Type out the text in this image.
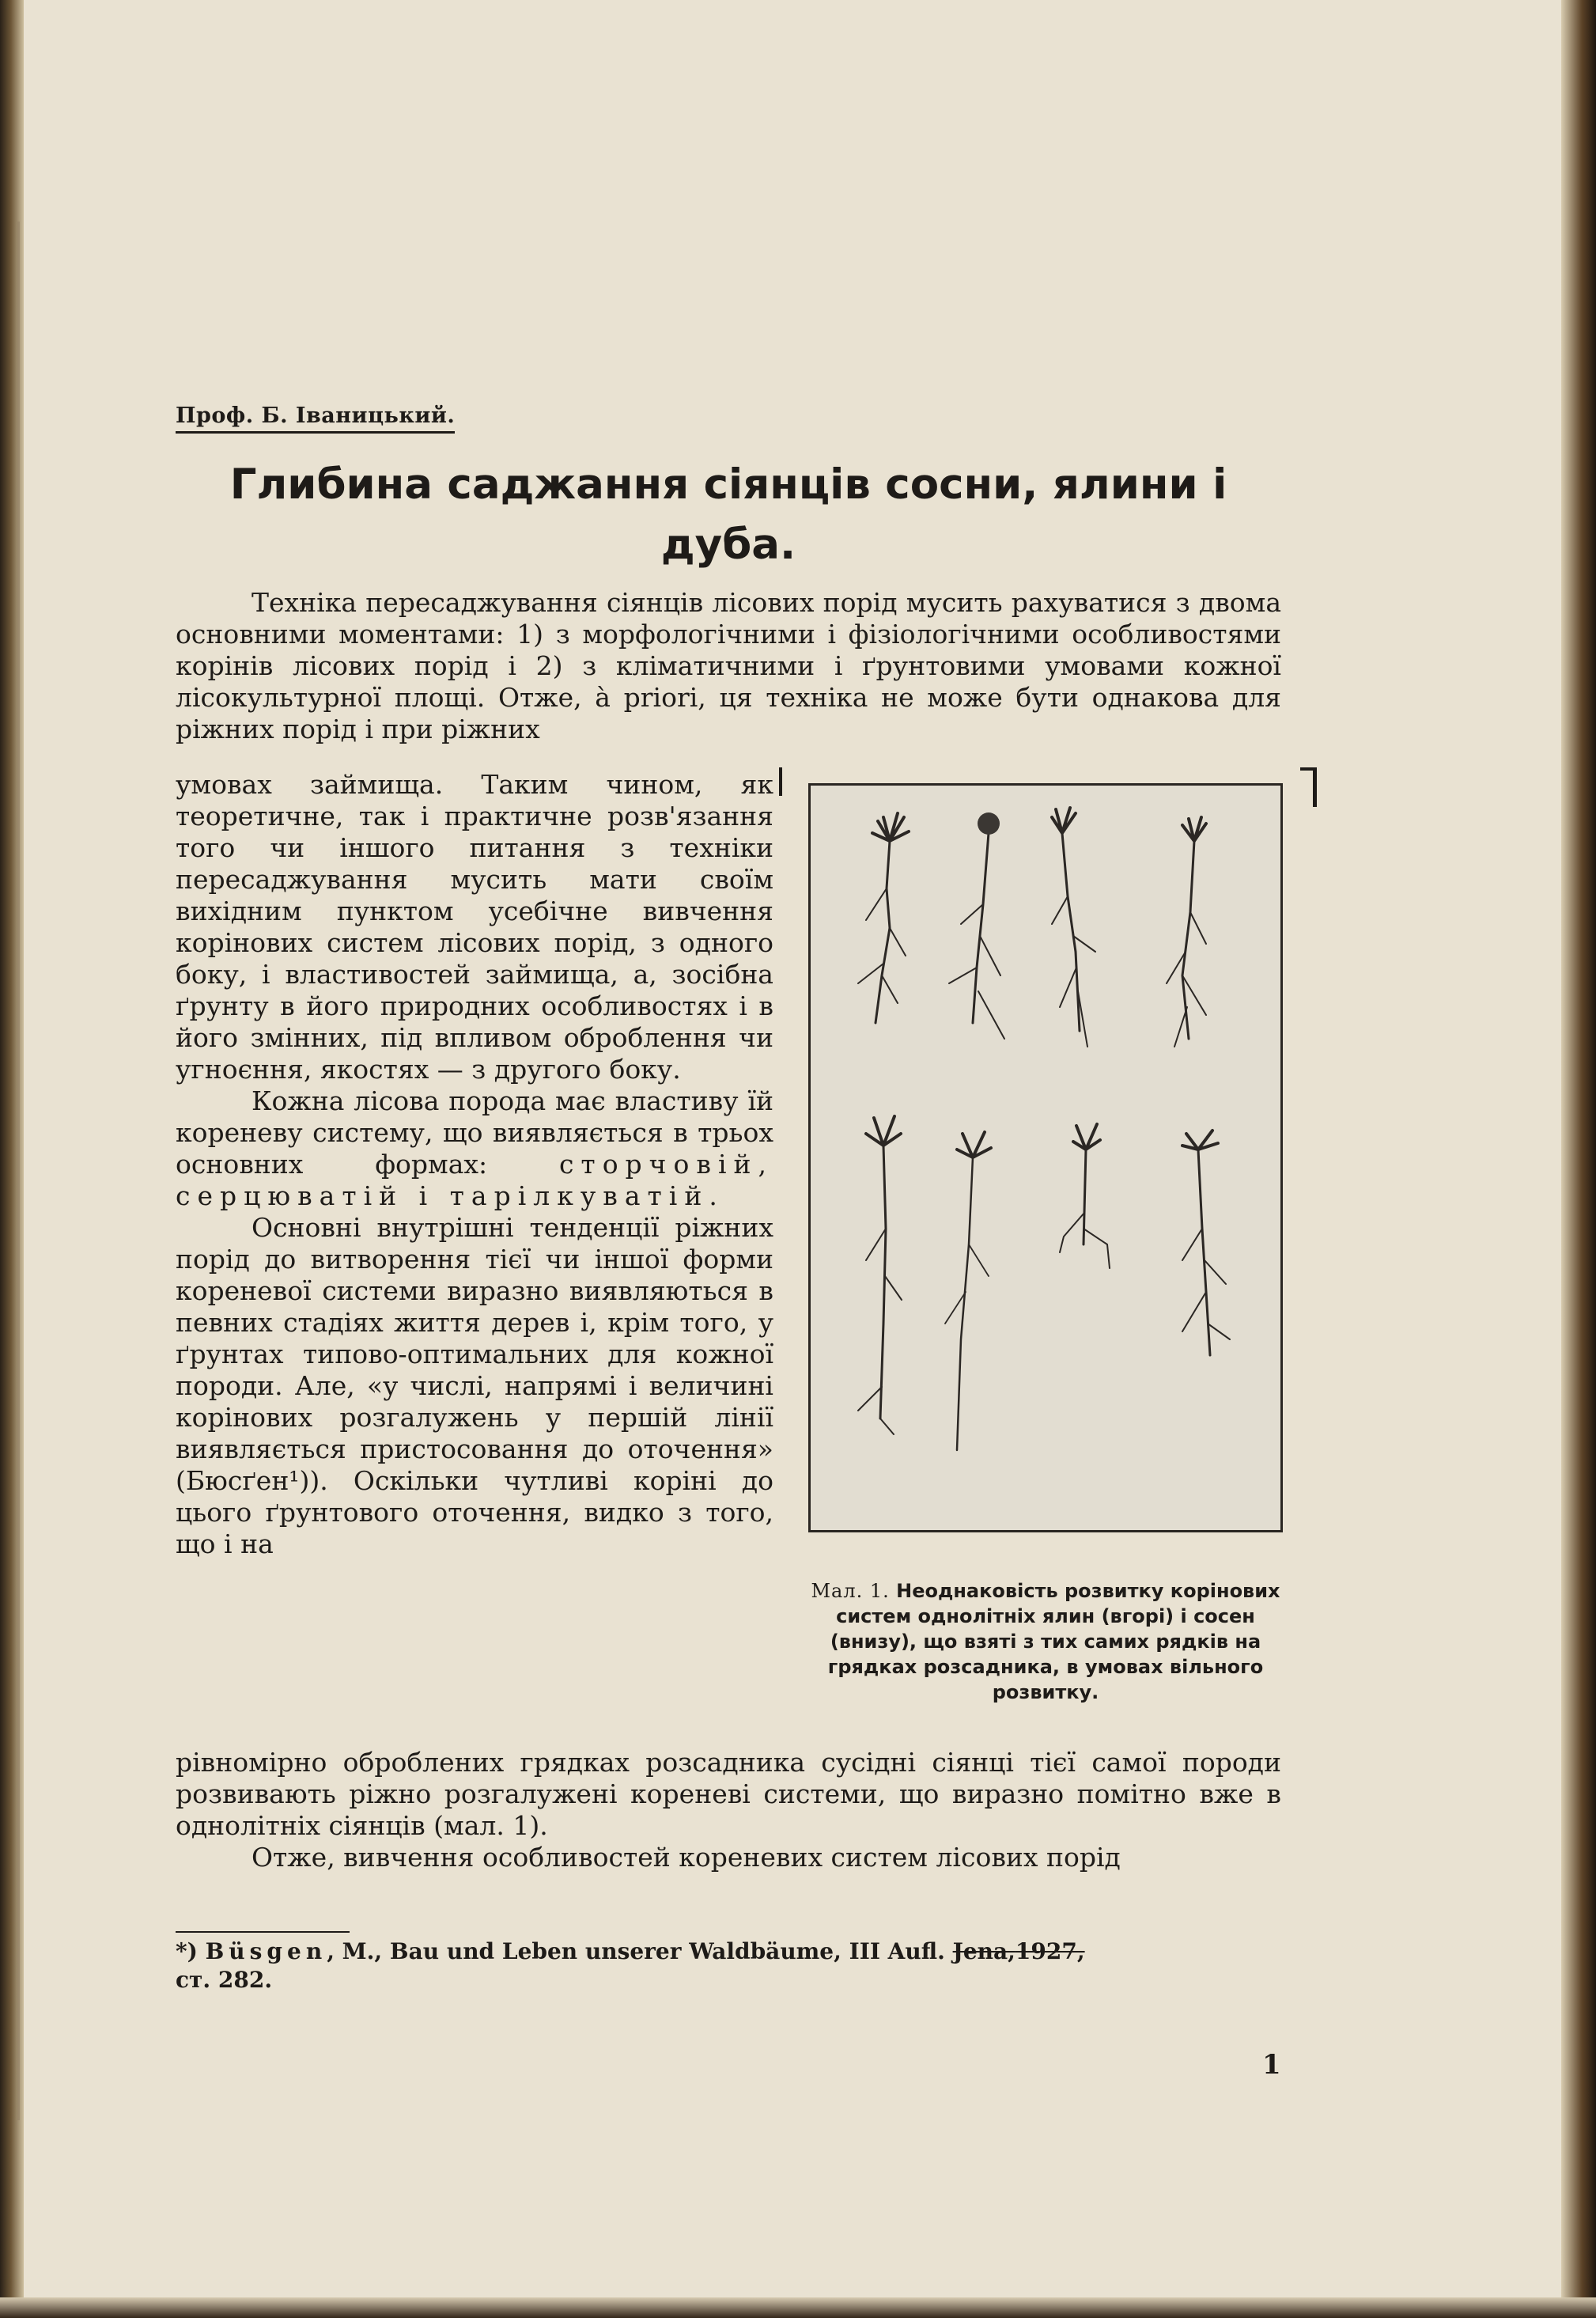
Проф. Б. Іваницький.
Глибина саджання сіянців сосни, ялини і дуба.

Техніка пересаджування сіянців лісових порід мусить рахуватися з двома основними моментами: 1) з морфологічними і фізіологічними особливостями корінів лісових порід і 2) з кліматичними і ґрунтовими умовами кожної лісокультурної площі. Отже, à priori, ця техніка не може бути однакова для ріжних порід і при ріжних

умовах займища. Таким чином, як теоретичне, так і практичне розв'язання того чи іншого питання з техніки пересаджування мусить мати своїм вихідним пунктом усебічне вивчення корінових систем лісових порід, з одного боку, і властивостей займища, а, зосібна ґрунту в його природних особливостях і в його змінних, під впливом оброблення чи угноєння, якостях — з другого боку.

Кожна лісова порода має властиву їй кореневу систему, що виявляється в трьох основних формах:	сторчовій, серцюватій і тарілкуватій.

Основні внутрішні тенденції ріжних порід до витворення тієї чи іншої форми кореневої системи виразно виявляються в певних стадіях життя дерев і, крім того, у ґрунтах типово-оптимальних для кожної породи. Але, «у числі, напрямі і величині корінових розгалужень у першій лінії виявляється пристосовання до оточення» (Бюсґен¹)). Оскільки чутливі коріні до цього ґрунтового оточення, видко з того, що і на

Мал. 1. Неоднаковість розвитку корінових систем однолітніх ялин (вгорі) і сосен (внизу), що взяті з тих самих рядків на грядках розсадника, в умовах вільного розвитку.

рівномірно оброблених грядках розсадника сусідні сіянці тієї самої породи розвивають ріжно розгалужені кореневі системи, що виразно помітно вже в однолітніх сіянців (мал. 1).

Отже, вивчення особливостей кореневих систем лісових порід

*) Büsgen, M., Bau und Leben unserer Waldbäume, III Aufl. Jena,1927,
ст. 282.
1
